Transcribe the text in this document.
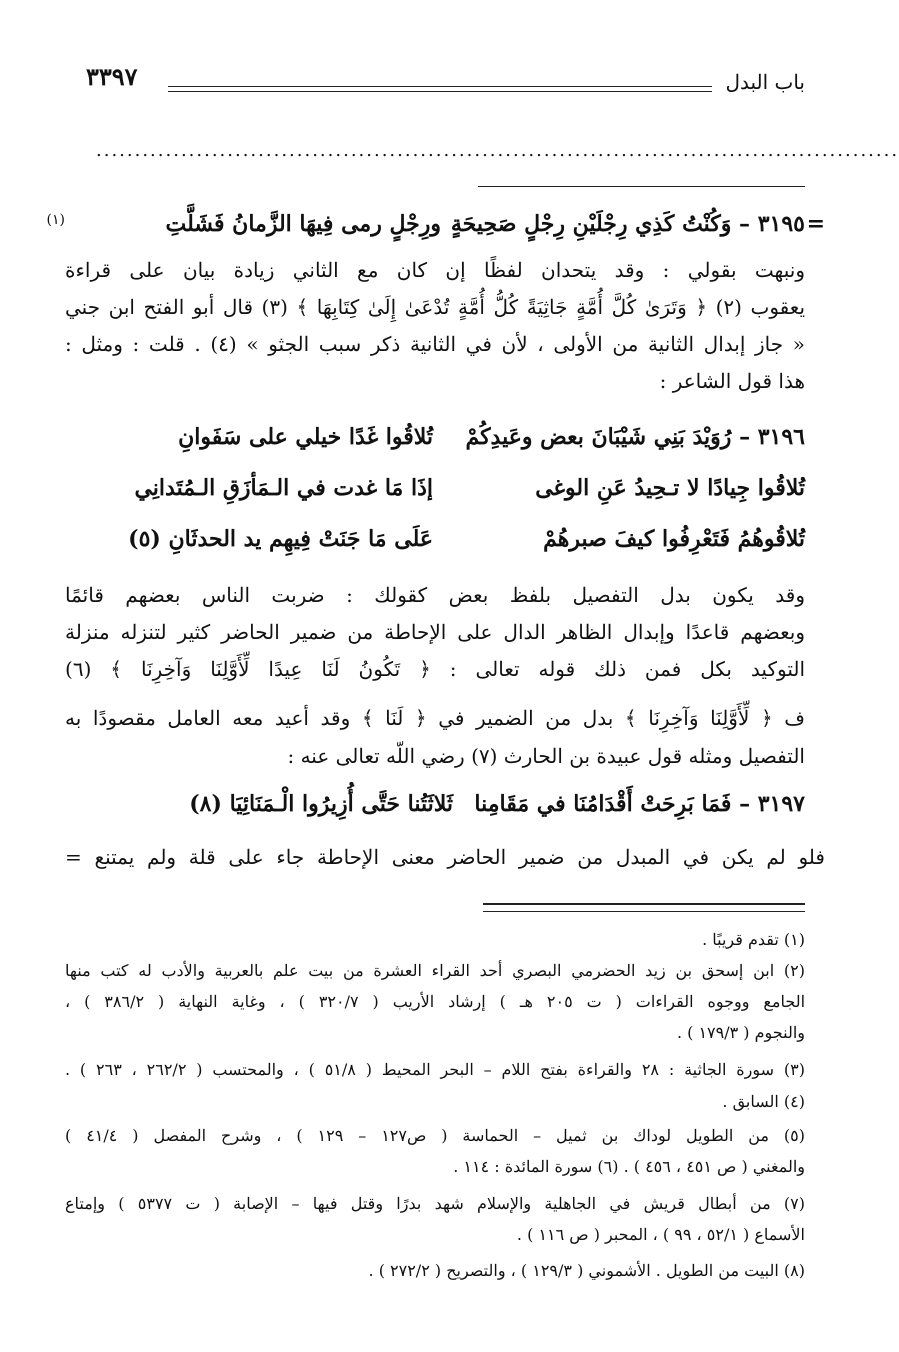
باب البدل
٣٣٩٧
........................................................................................................
=
٣١٩٥ – وَكُنْتُ كَذِي رِجْلَيْنِ رِجْلٍ صَحِيحَةٍ
ورِجْلٍ رمى فِيهَا الزَّمانُ فَشَلَّتِ
(١)
ونبهت بقولي : وقد يتحدان لفظًا إن كان مع الثاني زيادة بيان على قراءة
يعقوب (٢) ﴿ وَتَرَىٰ كُلَّ أُمَّةٍ جَاثِيَةً كُلُّ أُمَّةٍ تُدْعَىٰ إِلَىٰ كِتَابِهَا ﴾ (٣) قال أبو الفتح ابن جني
« جاز إبدال الثانية من الأولى ، لأن في الثانية ذكر سبب الجثو » (٤) . قلت : ومثل :
هذا قول الشاعر :
٣١٩٦ – رُوَيْدَ بَنِي شَيْبَانَ بعض وعَيدِكُمْ
تُلاقُوا غَدًا خيلي على سَفَوانِ
تُلاقُوا جِيادًا لا تـحِيدُ عَنِ الوغى
إذَا مَا غدت في الـمَأزَقِ الـمُتَدانِي
تُلاقُوهُمُ فَتَعْرِفُوا كيفَ صبرهُمْ
عَلَى مَا جَنَتْ فِيهِم يد الحدثَانِ (٥)
وقد يكون بدل التفصيل بلفظ بعض كقولك : ضربت الناس بعضهم قائمًا
وبعضهم قاعدًا وإبدال الظاهر الدال على الإحاطة من ضمير الحاضر كثير لتنزله منزلة
التوكيد بكل فمن ذلك قوله تعالى : ﴿ تَكُونُ لَنَا عِيدًا لِّأَوَّلِنَا وَآخِرِنَا ﴾ (٦)
ف ﴿ لِّأَوَّلِنَا وَآخِرِنَا ﴾ بدل من الضمير في ﴿ لَنَا ﴾ وقد أعيد معه العامل مقصودًا به
التفصيل ومثله قول عبيدة بن الحارث (٧) رضي اللّه تعالى عنه :
٣١٩٧ – فَمَا بَرِحَتْ أَقْدَامُنَا في مَقَامِنا
ثَلاثَتُنا حَتَّى أُزِيرُوا الْـمَنَائِيَا (٨)
فلو لم يكن في المبدل من ضمير الحاضر معنى الإحاطة جاء على قلة ولم يمتنع =
(١) تقدم قريبًا .
(٢) ابن إسحق بن زيد الحضرمي البصري أحد القراء العشرة من بيت علم بالعربية والأدب له كتب منها
الجامع ووجوه القراءات ( ت ٢٠٥ هـ ) إرشاد الأريب ( ٣٢٠/٧ ) ، وغاية النهاية ( ٣٨٦/٢ ) ،
والنجوم ( ١٧٩/٣ ) .
(٣) سورة الجاثية : ٢٨ والقراءة بفتح اللام – البحر المحيط ( ٥١/٨ ) ، والمحتسب ( ٢٦٢/٢ ، ٢٦٣ ) .
(٤) السابق .
(٥) من الطويل لوداك بن ثميل – الحماسة ( ص١٢٧ – ١٢٩ ) ، وشرح المفصل ( ٤١/٤ )
والمغني ( ص ٤٥١ ، ٤٥٦ ) . (٦) سورة المائدة : ١١٤ .
(٧) من أبطال قريش في الجاهلية والإسلام شهد بدرًا وقتل فيها – الإصابة ( ت ٥٣٧٧ ) وإمتاع
الأسماع ( ٥٢/١ ، ٩٩ ) ، المحبر ( ص ١١٦ ) .
(٨) البيت من الطويل . الأشموني ( ١٢٩/٣ ) ، والتصريح ( ٢٧٢/٢ ) .
